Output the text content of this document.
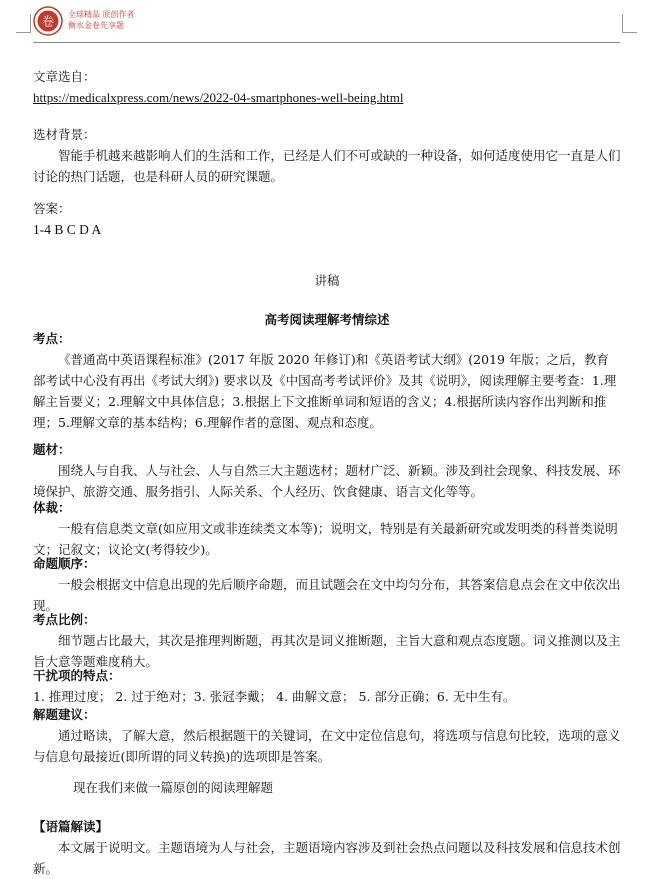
卷 全球精品 原创作者
衡水金卷先享题
文章选自：
https://medicalxpress.com/news/2022-04-smartphones-well-being.html
选材背景：

智能手机越来越影响人们的生活和工作，已经是人们不可或缺的一种设备，如何适度使用它一直是人们讨论的热门话题，也是科研人员的研究课题。

答案：
1-4 B C D A
讲稿
高考阅读理解考情综述
考点：

《普通高中英语课程标准》(2017 年版 2020 年修订)和《英语考试大纲》(2019 年版；之后，教育部考试中心没有再出《考试大纲》) 要求以及《中国高考考试评价》及其《说明》，阅读理解主要考查：1.理解主旨要义；2.理解文中具体信息；3.根据上下文推断单词和短语的含义；4.根据所读内容作出判断和推理；5.理解文章的基本结构；6.理解作者的意图、观点和态度。

题材：

围绕人与自我、人与社会、人与自然三大主题选材；题材广泛、新颖。涉及到社会现象、科技发展、环境保护、旅游交通、服务指引、人际关系、个人经历、饮食健康、语言文化等等。

体裁：

一般有信息类文章(如应用文或非连续类文本等)；说明文，特别是有关最新研究或发明类的科普类说明文；记叙文；议论文(考得较少)。

命题顺序：

一般会根据文中信息出现的先后顺序命题，而且试题会在文中均匀分布，其答案信息点会在文中依次出现。

考点比例：

细节题占比最大，其次是推理判断题，再其次是词义推断题，主旨大意和观点态度题。词义推测以及主旨大意等题难度稍大。

干扰项的特点：

1. 推理过度； 2. 过于绝对；3. 张冠李戴； 4. 曲解文意； 5. 部分正确；6. 无中生有。

解题建议：

通过略读，了解大意，然后根据题干的关键词，在文中定位信息句，将选项与信息句比较，选项的意义与信息句最接近(即所谓的同义转换)的选项即是答案。

现在我们来做一篇原创的阅读理解题
【语篇解读】

本文属于说明文。主题语境为人与社会，主题语境内容涉及到社会热点问题以及科技发展和信息技术创新。
